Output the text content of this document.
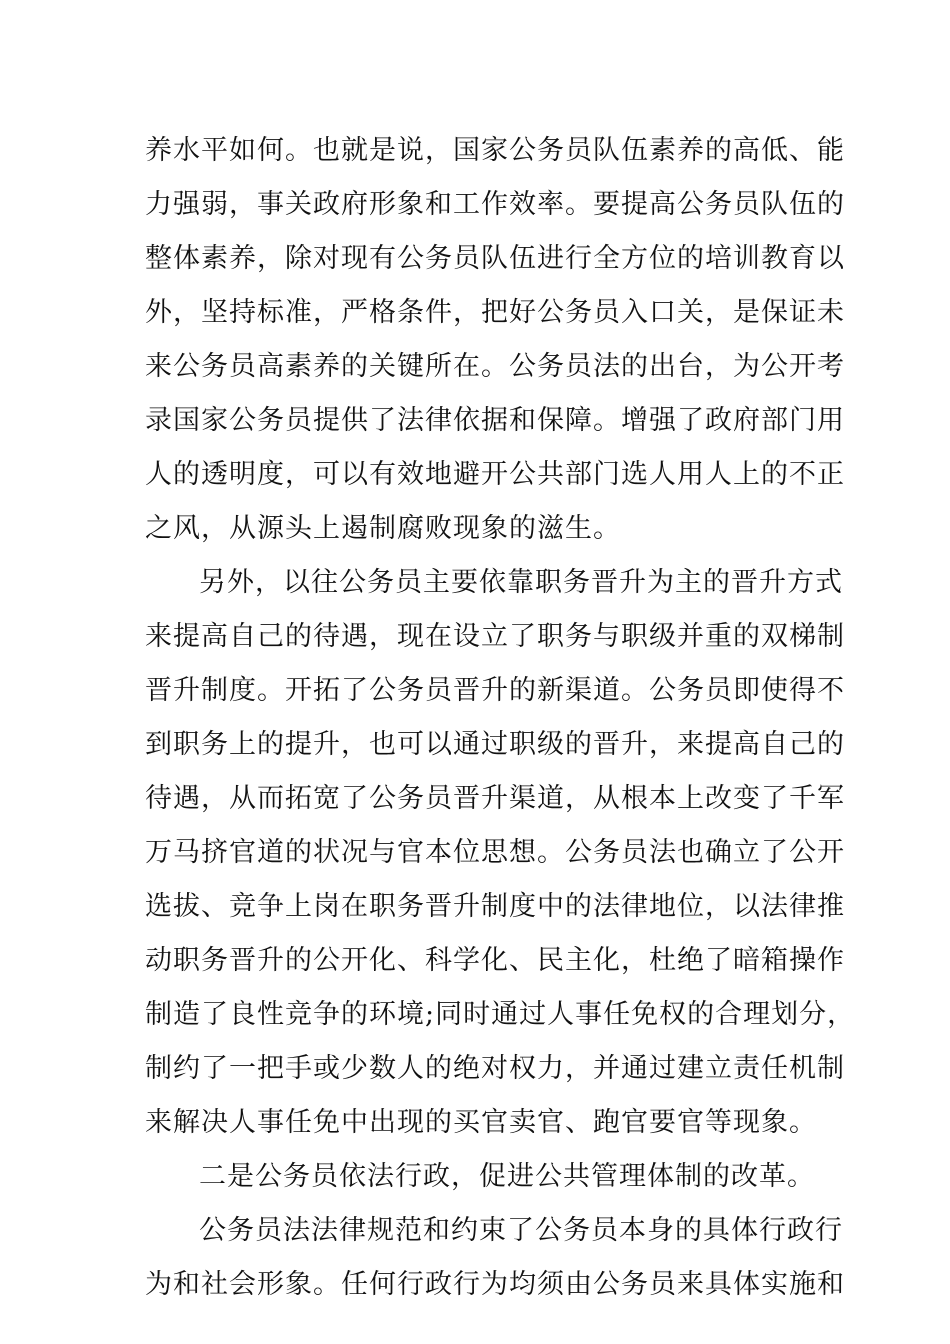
养水平如何。也就是说，国家公务员队伍素养的高低、能
力强弱，事关政府形象和工作效率。要提高公务员队伍的
整体素养，除对现有公务员队伍进行全方位的培训教育以
外，坚持标准，严格条件，把好公务员入口关，是保证未
来公务员高素养的关键所在。公务员法的出台，为公开考
录国家公务员提供了法律依据和保障。增强了政府部门用
人的透明度，可以有效地避开公共部门选人用人上的不正
之风，从源头上遏制腐败现象的滋生。
另外，以往公务员主要依靠职务晋升为主的晋升方式
来提高自己的待遇，现在设立了职务与职级并重的双梯制
晋升制度。开拓了公务员晋升的新渠道。公务员即使得不
到职务上的提升，也可以通过职级的晋升，来提高自己的
待遇，从而拓宽了公务员晋升渠道，从根本上改变了千军
万马挤官道的状况与官本位思想。公务员法也确立了公开
选拔、竞争上岗在职务晋升制度中的法律地位，以法律推
动职务晋升的公开化、科学化、民主化，杜绝了暗箱操作
制造了良性竞争的环境;同时通过人事任免权的合理划分，
制约了一把手或少数人的绝对权力，并通过建立责任机制
来解决人事任免中出现的买官卖官、跑官要官等现象。
二是公务员依法行政，促进公共管理体制的改革。
公务员法法律规范和约束了公务员本身的具体行政行
为和社会形象。任何行政行为均须由公务员来具体实施和
